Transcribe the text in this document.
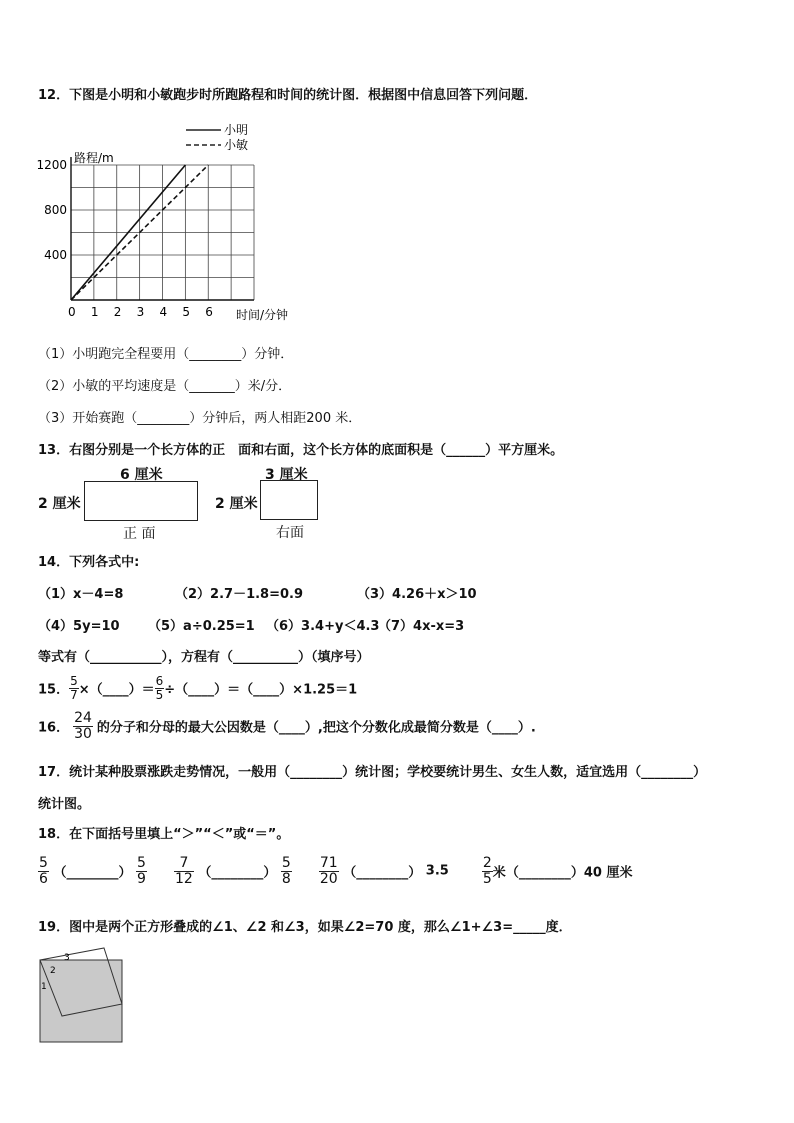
12．下图是小明和小敏跑步时所跑路程和时间的统计图．根据图中信息回答下列问题．
0 1 2 3 4 5 6
400
800
1200
小明
小敏
路程/m
时间/分钟
（1）小明跑完全程要用（________）分钟．
（2）小敏的平均速度是（_______）米/分．
（3）开始赛跑（________）分钟后，两人相距200 米．
13．右图分别是一个长方体的正　面和右面，这个长方体的底面积是（______）平方厘米。
6 厘米
2 厘米
正 面
3 厘米
2 厘米
右面
14．下列各式中:
（1）x－4=8	（2）2.7－1.8=0.9	（3）4.26＋x＞10
（4）5y=10 （5）a÷0.25=1 （6）3.4+y＜4.3
（7）4x-x=3
等式有（___________），方程有（__________）（填序号）
15． $\frac{5}{7}$ ×（____）＝ $\frac{6}{5}$ ÷（____）＝（____）×1.25＝1
16． $\frac{24}{30}$ 的分子和分母的最大公因数是（____）,把这个分数化成最简分数是（____）.
17．统计某种股票涨跌走势情况，一般用（________）统计图；学校要统计男生、女生人数，适宜选用（________）
统计图。
18．在下面括号里填上“＞”“＜”或“＝”。
$\frac{5}{6}$ （________） $\frac{5}{9}$
$\frac{7}{12}$ （________） $\frac{5}{8}$
$\frac{71}{20}$ （________） $3.5 \frac{2}{5}$ 米（________）40 厘米
19．图中是两个正方形叠成的∠1、∠2 和∠3，如果∠2=70 度，那么∠1+∠3=_____度．
3
2
1
